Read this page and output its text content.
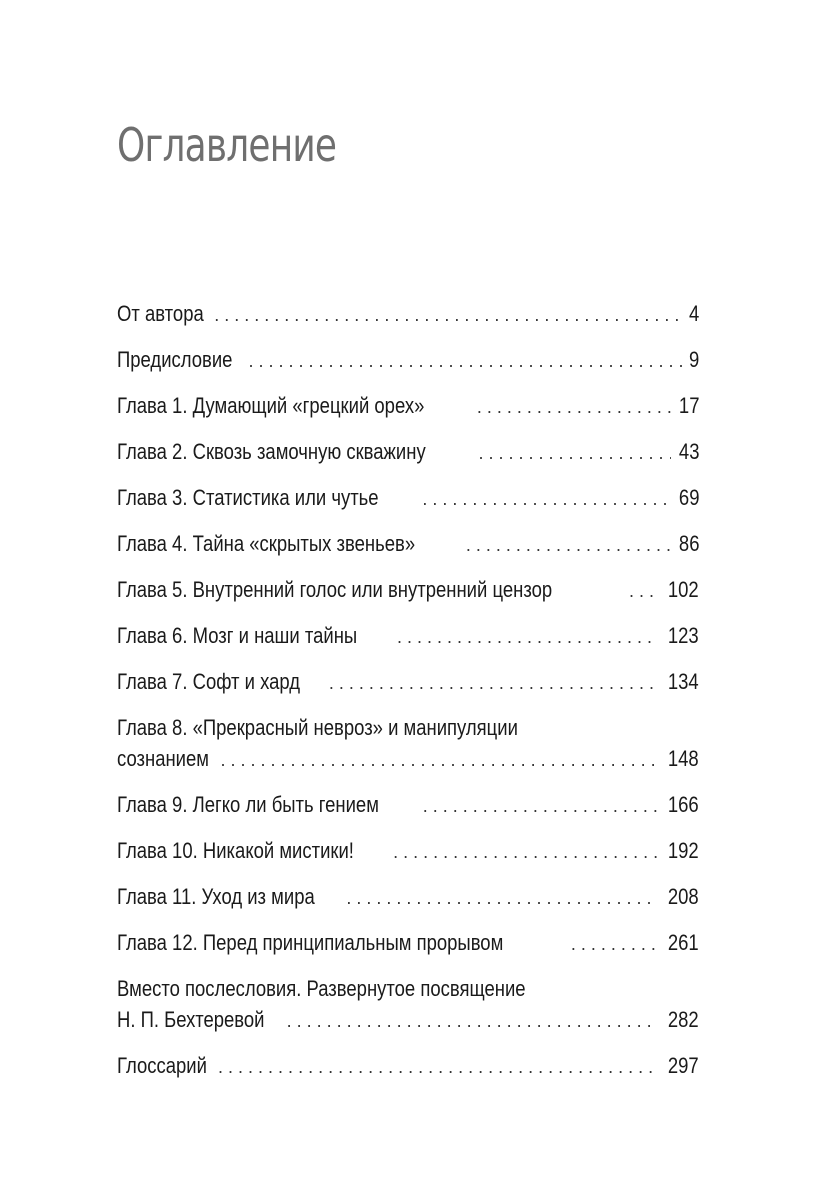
Оглавление
От автора . . .	4
Предисловие . . .	9
Глава 1. Думающий «грецкий орех» . . .	17
Глава 2. Сквозь замочную скважину . . .	43
Глава 3. Статистика или чутье . . .	69
Глава 4. Тайна «скрытых звеньев» . . .	86
Глава 5. Внутренний голос или внутренний цензор . . .	102
Глава 6. Мозг и наши тайны . . .	123
Глава 7. Софт и хард . . .	134
Глава 8. «Прекрасный невроз» и манипуляции
сознанием . . .	148
Глава 9. Легко ли быть гением . . .	166
Глава 10. Никакой мистики! . . .	192
Глава 11. Уход из мира . . .	208
Глава 12. Перед принципиальным прорывом . . .	261
Вместо послесловия. Развернутое посвящение
Н. П. Бехтеревой . . .	282
Глоссарий . . .	297
